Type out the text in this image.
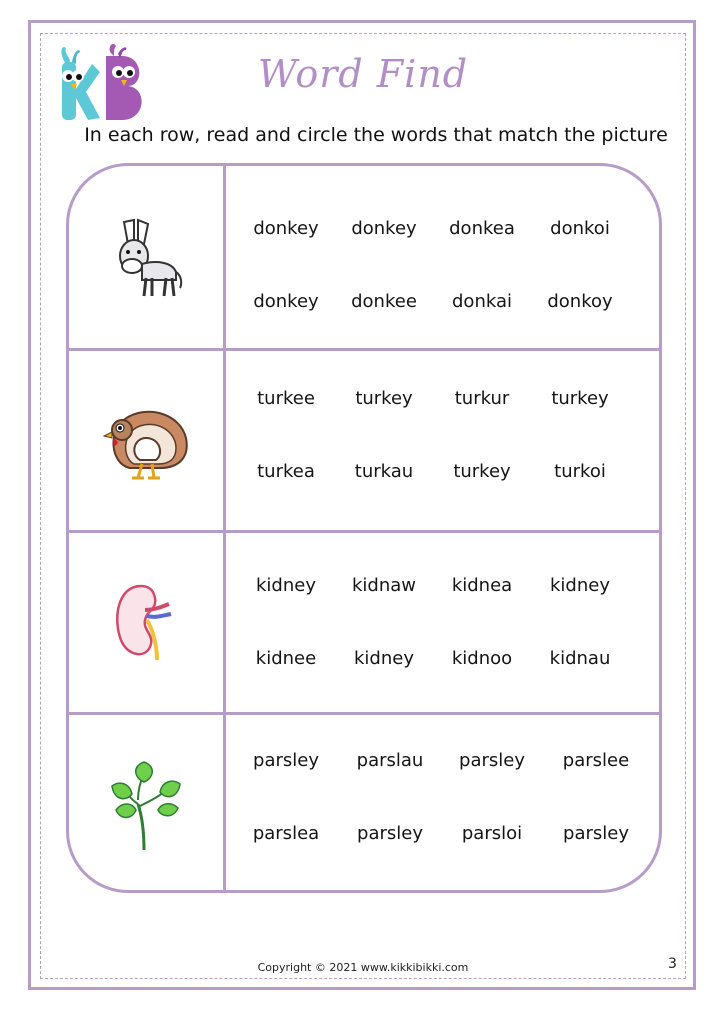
Word Find
In each row, read and circle the words that match the picture
donkey donkey donkea donkoi
donkey donkee donkai donkoy
turkee turkey turkur turkey
turkea turkau turkey turkoi
kidney kidnaw kidnea kidney
kidnee kidney kidnoo kidnau
parsley parslau parsley parslee
parslea parsley parsloi parsley
Copyright © 2021 www.kikkibikki.com	3
